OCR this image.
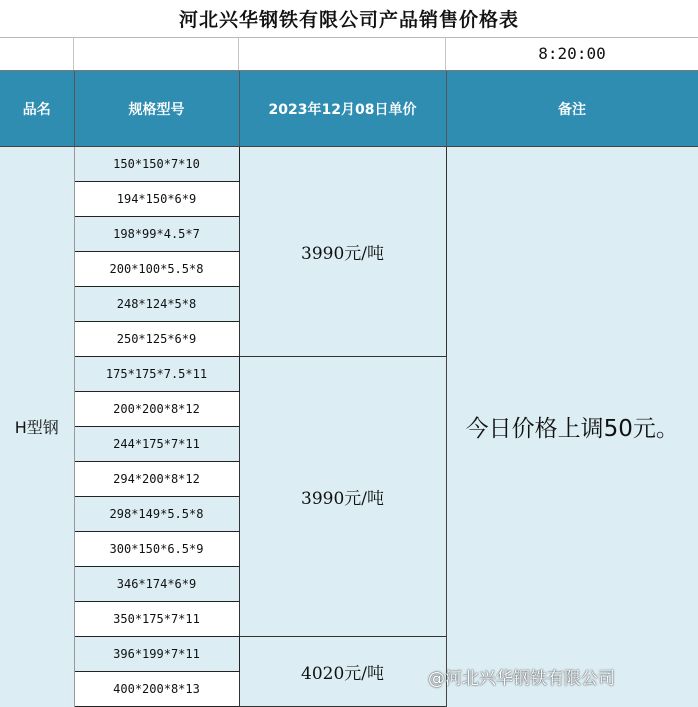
河北兴华钢铁有限公司产品销售价格表
8:20:00
品名	规格型号	2023年12月08日单价	备注
H型钢	150*150*7*10	3990元/吨	今日价格上调50元。
	194*150*6*9		
	198*99*4.5*7		
	200*100*5.5*8		
	248*124*5*8		
	250*125*6*9		
	175*175*7.5*11	3990元/吨	
	200*200*8*12		
	244*175*7*11		
	294*200*8*12		
	298*149*5.5*8		
	300*150*6.5*9		
	346*174*6*9		
	350*175*7*11		
	396*199*7*11	4020元/吨	
	400*200*8*13			@河北兴华钢铁有限公司
